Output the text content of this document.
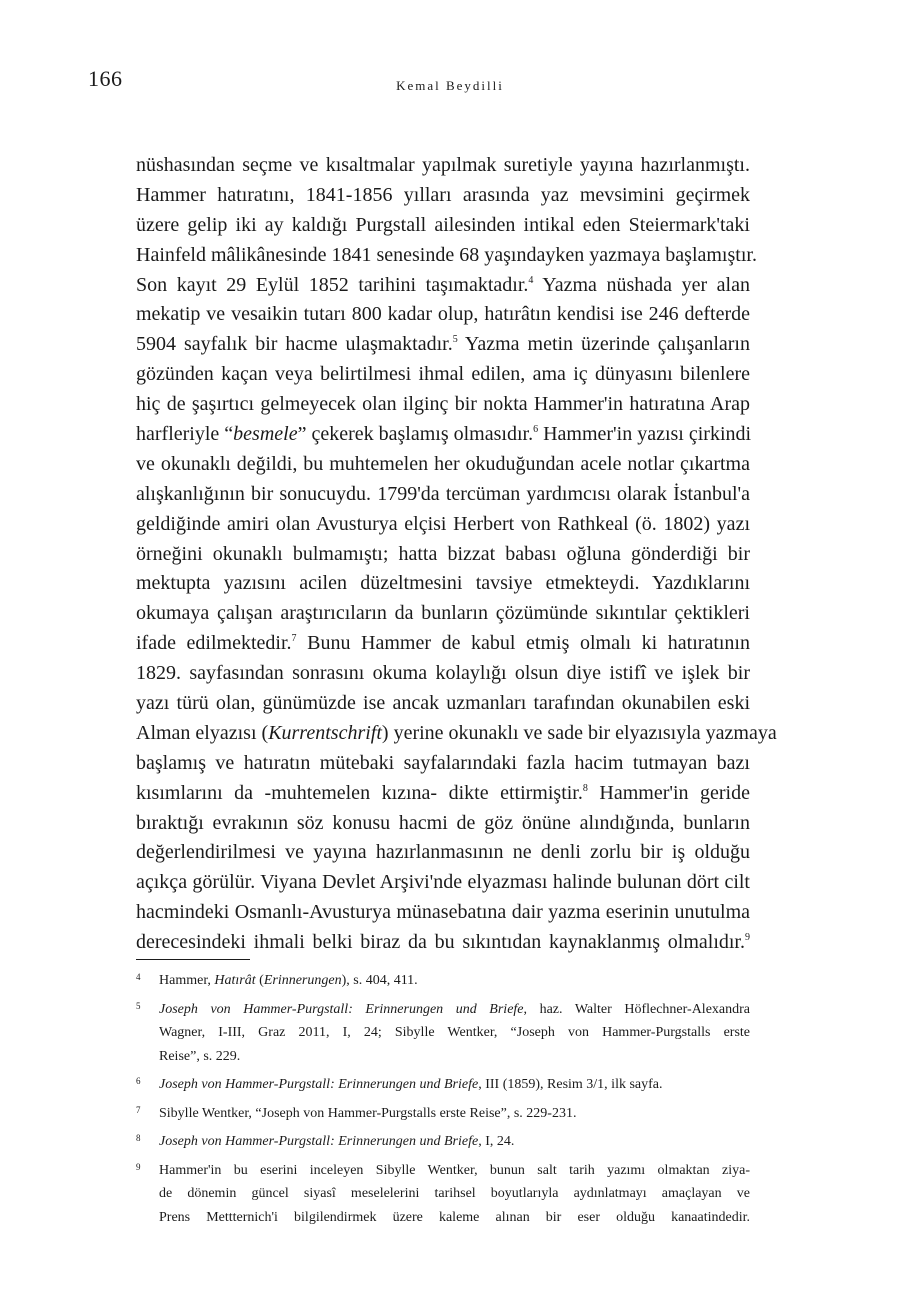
166	Kemal Beydilli
nüshasından seçme ve kısaltmalar yapılmak suretiyle yayına hazırlanmıştı.
Hammer hatıratını, 1841-1856 yılları arasında yaz mevsimini geçirmek
üzere gelip iki ay kaldığı Purgstall ailesinden intikal eden Steiermark'taki
Hainfeld mâlikânesinde 1841 senesinde 68 yaşındayken yazmaya başlamıştır.
Son kayıt 29 Eylül 1852 tarihini taşımaktadır.$^4$ Yazma nüshada yer alan
mekatip ve vesaikin tutarı 800 kadar olup, hatırâtın kendisi ise 246 defterde
5904 sayfalık bir hacme ulaşmaktadır.$^5$ Yazma metin üzerinde çalışanların
gözünden kaçan veya belirtilmesi ihmal edilen, ama iç dünyasını bilenlere
hiç de şaşırtıcı gelmeyecek olan ilginç bir nokta Hammer'in hatıratına Arap
harfleriyle “besmele” çekerek başlamış olmasıdır.$^6$ Hammer'in yazısı çirkindi
ve okunaklı değildi, bu muhtemelen her okuduğundan acele notlar çıkartma
alışkanlığının bir sonucuydu. 1799'da tercüman yardımcısı olarak İstanbul'a
geldiğinde amiri olan Avusturya elçisi Herbert von Rathkeal (ö. 1802) yazı
örneğini okunaklı bulmamıştı; hatta bizzat babası oğluna gönderdiği bir
mektupta yazısını acilen düzeltmesini tavsiye etmekteydi. Yazdıklarını
okumaya çalışan araştırıcıların da bunların çözümünde sıkıntılar çektikleri
ifade edilmektedir.$^7$ Bunu Hammer de kabul etmiş olmalı ki hatıratının
1829. sayfasından sonrasını okuma kolaylığı olsun diye istifî ve işlek bir
yazı türü olan, günümüzde ise ancak uzmanları tarafından okunabilen eski
Alman elyazısı (Kurrentschrift) yerine okunaklı ve sade bir elyazısıyla yazmaya
başlamış ve hatıratın mütebaki sayfalarındaki fazla hacim tutmayan bazı
kısımlarını da -muhtemelen kızına- dikte ettirmiştir.$^8$ Hammer'in geride
bıraktığı evrakının söz konusu hacmi de göz önüne alındığında, bunların
değerlendirilmesi ve yayına hazırlanmasının ne denli zorlu bir iş olduğu
açıkça görülür. Viyana Devlet Arşivi'nde elyazması halinde bulunan dört cilt
hacmindeki Osmanlı-Avusturya münasebatına dair yazma eserinin unutulma
derecesindeki ihmali belki biraz da bu sıkıntıdan kaynaklanmış olmalıdır.$^9$
4 Hammer, Hatırât (Erinnerungen), s. 404, 411.
5 Joseph von Hammer-Purgstall: Erinnerungen und Briefe, haz. Walter Höflechner-Alexandra
Wagner, I-III, Graz 2011, I, 24; Sibylle Wentker, “Joseph von Hammer-Purgstalls erste
Reise”, s. 229.
6 Joseph von Hammer-Purgstall: Erinnerungen und Briefe, III (1859), Resim 3/1, ilk sayfa.
7 Sibylle Wentker, “Joseph von Hammer-Purgstalls erste Reise”, s. 229-231.
8 Joseph von Hammer-Purgstall: Erinnerungen und Briefe, I, 24.
9 Hammer'in bu eserini inceleyen Sibylle Wentker, bunun salt tarih yazımı olmaktan ziya-
de dönemin güncel siyasî meselelerini tarihsel boyutlarıyla aydınlatmayı amaçlayan ve
Prens Mettternich'i bilgilendirmek üzere kaleme alınan bir eser olduğu kanaatindedir.
